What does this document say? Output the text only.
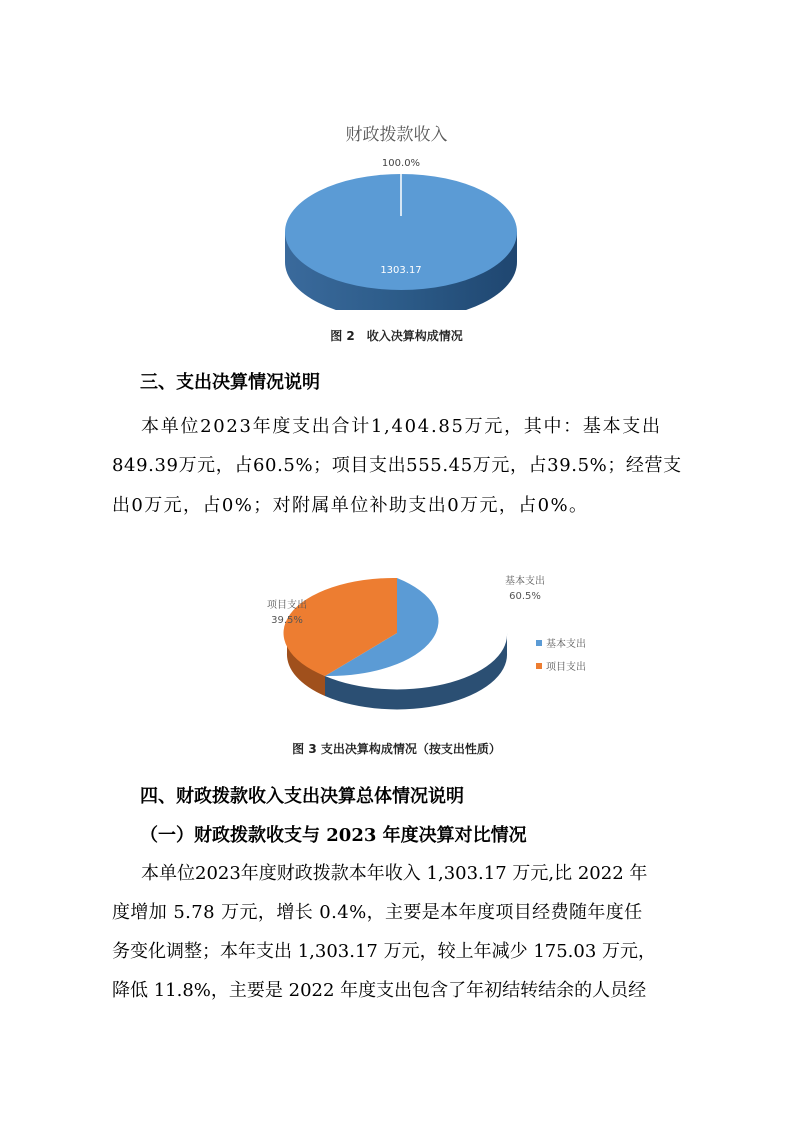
财政拨款收入
100.0%
1303.17
图 2　收入决算构成情况
三、支出决算情况说明
本单位2023年度支出合计1,404.85万元，其中：基本支出
849.39万元，占60.5%；项目支出555.45万元，占39.5%；经营支
出0万元，占0%；对附属单位补助支出0万元，占0%。
基本支出
60.5%
项目支出
39.5%
基本支出
项目支出
图 3 支出决算构成情况（按支出性质）
四、财政拨款收入支出决算总体情况说明
（一）财政拨款收支与 2023 年度决算对比情况
本单位2023年度财政拨款本年收入 1,303.17 万元,比 2022 年
度增加 5.78 万元，增长 0.4%，主要是本年度项目经费随年度任
务变化调整；本年支出 1,303.17 万元，较上年减少 175.03 万元，
降低 11.8%，主要是 2022 年度支出包含了年初结转结余的人员经
